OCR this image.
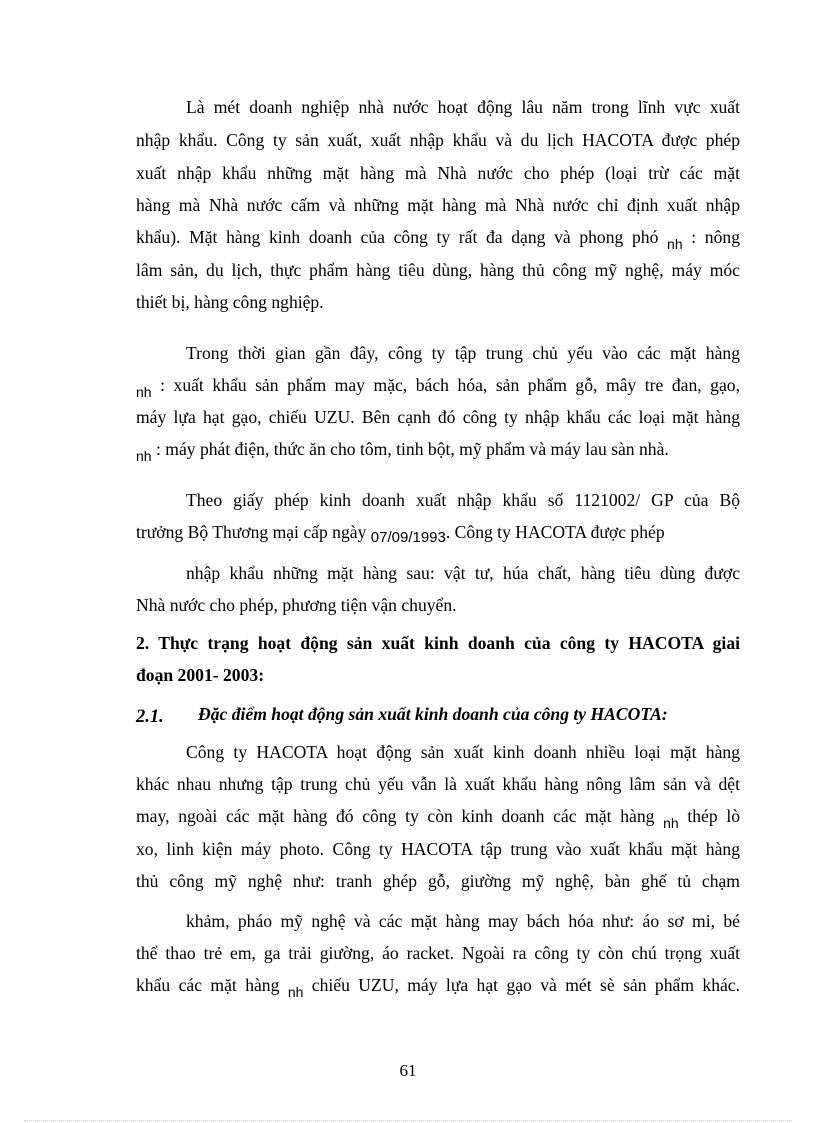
Là mét doanh nghiệp nhà nước hoạt động lâu năm trong lĩnh vực xuất
nhập khẩu. Công ty sản xuất, xuất nhập khẩu và du lịch HACOTA được phép
xuất nhập khẩu những mặt hàng mà Nhà nước cho phép (loại trừ các mặt
hàng mà Nhà nước cấm và những mặt hàng mà Nhà nước chỉ định xuất nhập
khẩu). Mặt hàng kinh doanh của công ty rất đa dạng và phong phó $_{nh}$ : nông
lâm sản, du lịch, thực phẩm hàng tiêu dùng, hàng thủ công mỹ nghệ, máy móc
thiết bị, hàng công nghiệp.
Trong thời gian gần đây, công ty tập trung chủ yếu vào các mặt hàng
$_{nh}$ : xuất khẩu sản phẩm may mặc, bách hóa, sản phẩm gỗ, mây tre đan, gạo,
máy lựa hạt gạo, chiếu UZU. Bên cạnh đó công ty nhập khẩu các loại mặt hàng
$_{nh}$ : máy phát điện, thức ăn cho tôm, tinh bột, mỹ phẩm và máy lau sàn nhà.
Theo giấy phép kinh doanh xuất nhập khẩu số 1121002/ GP của Bộ
trưởng Bộ Thương mại cấp ngày 07/09/1993. Công ty HACOTA được phép
nhập khẩu những mặt hàng sau: vật tư, húa chất, hàng tiêu dùng được
Nhà nước cho phép, phương tiện vận chuyển.
2. Thực trạng hoạt động sản xuất kinh doanh của công ty HACOTA giai
đoạn 2001- 2003:
2.1. Đặc điểm hoạt động sản xuất kinh doanh của công ty HACOTA:
Công ty HACOTA hoạt động sản xuất kinh doanh nhiều loại mặt hàng
khác nhau nhưng tập trung chủ yếu vẫn là xuất khẩu hàng nông lâm sản và dệt
may, ngoài các mặt hàng đó công ty còn kinh doanh các mặt hàng $_{nh}$ thép lò
xo, linh kiện máy photo. Công ty HACOTA tập trung vào xuất khẩu mặt hàng
thủ công mỹ nghệ như: tranh ghép gỗ, giường mỹ nghệ, bàn ghế tủ chạm
khảm, pháo mỹ nghệ và các mặt hàng may bách hóa như: áo sơ mi, bé
thể thao trẻ em, ga trải giường, áo racket. Ngoài ra công ty còn chú trọng xuất
khẩu các mặt hàng $_{nh}$ chiếu UZU, máy lựa hạt gạo và mét sè sản phẩm khác.
61
